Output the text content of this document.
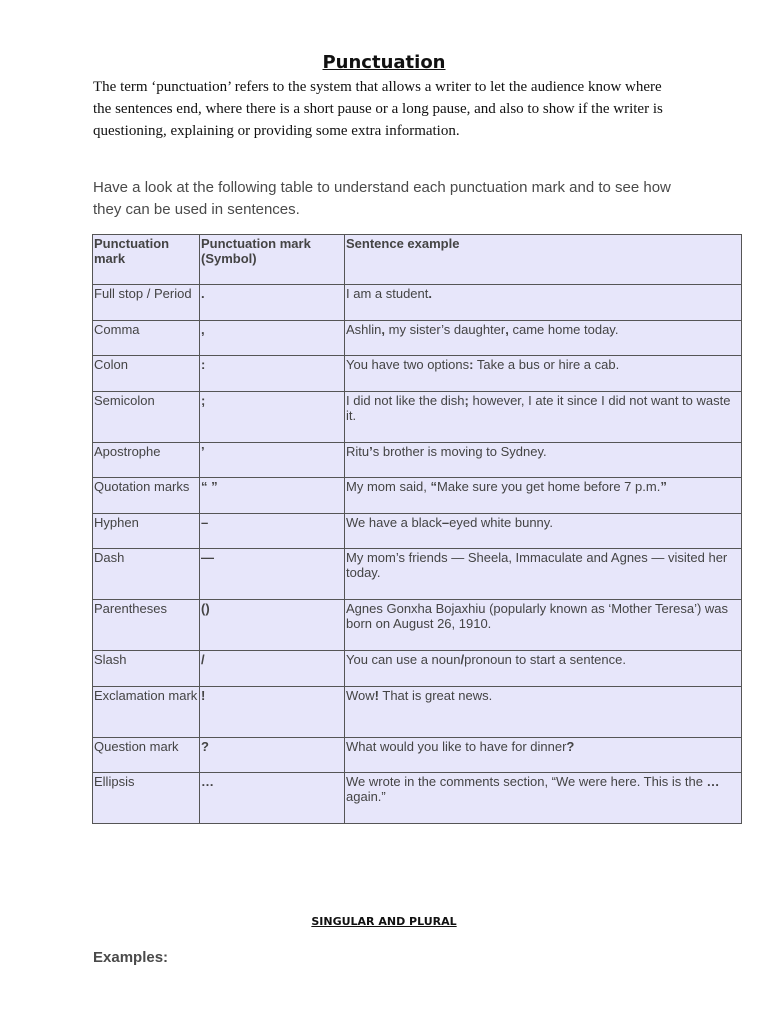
Punctuation
The term ‘punctuation’ refers to the system that allows a writer to let the audience know where the sentences end, where there is a short pause or a long pause, and also to show if the writer is questioning, explaining or providing some extra information.
Have a look at the following table to understand each punctuation mark and to see how they can be used in sentences.
Punctuation mark	Punctuation mark (Symbol)	Sentence example
Full stop / Period	.	I am a student.
Comma	,	Ashlin, my sister’s daughter, came home today.
Colon	:	You have two options: Take a bus or hire a cab.
Semicolon	;	I did not like the dish; however, I ate it since I did not want to waste it.
Apostrophe	’	Ritu’s brother is moving to Sydney.
Quotation marks	“ ”	My mom said, “Make sure you get home before 7 p.m.”
Hyphen	–	We have a black–eyed white bunny.
Dash	—	My mom’s friends — Sheela, Immaculate and Agnes — visited her today.
Parentheses	()	Agnes Gonxha Bojaxhiu (popularly known as ‘Mother Teresa’) was born on August 26, 1910.
Slash	/	You can use a noun/pronoun to start a sentence.
Exclamation mark	!	Wow! That is great news.
Question mark	?	What would you like to have for dinner?
Ellipsis	…	We wrote in the comments section, “We were here. This is the … again.”
SINGULAR AND PLURAL
Examples:
